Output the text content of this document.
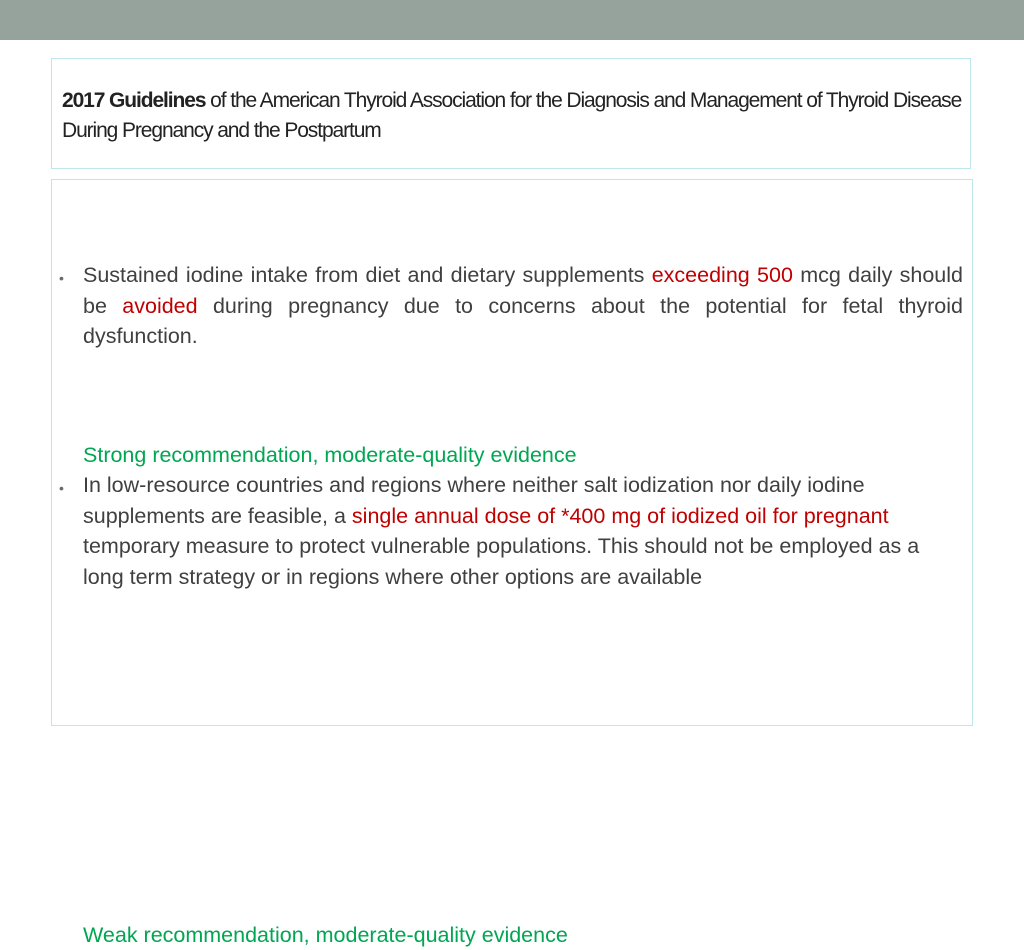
2017 Guidelines of the American Thyroid Association for the Diagnosis and Management of Thyroid Disease During Pregnancy and the Postpartum
• Sustained iodine intake from diet and dietary supplements exceeding 500 mcg daily should be avoided during pregnancy due to concerns about the potential for fetal thyroid dysfunction.

Strong recommendation, moderate-quality evidence
• In low-resource countries and regions where neither salt iodization nor daily iodine supplements are feasible, a single annual dose of *400 mg of iodized oil for pregnant temporary measure to protect vulnerable populations. This should not be employed as a long term strategy or in regions where other options are available

Weak recommendation, moderate-quality evidence
